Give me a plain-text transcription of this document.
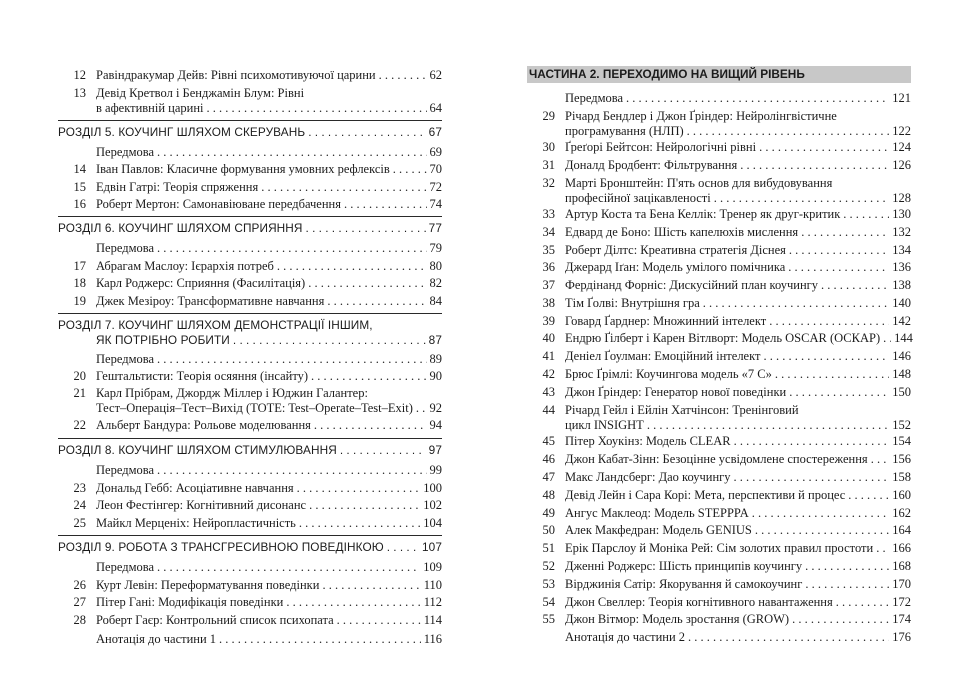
12 Равіндракумар Дейв: Рівні психомотивуючої царини . . .	62
13 Девід Кретвол і Бенджамін Блум: Рівні
в афективній царині . . .	64
РОЗДІЛ 5. КОУЧИНГ ШЛЯХОМ СКЕРУВАНЬ . . .	67
Передмова . . .	69
14 Іван Павлов: Класичне формування умовних рефлексів . . .	70
15 Едвін Гатрі: Теорія спряження . . .	72
16 Роберт Мертон: Самонавіюване передбачення . . .	74
РОЗДІЛ 6. КОУЧИНГ ШЛЯХОМ СПРИЯННЯ . . .	77
Передмова . . .	79
17 Абрагам Маслоу: Ієрархія потреб . . .	80
18 Карл Роджерс: Сприяння (Фасилітація) . . .	82
19 Джек Мезіроу: Трансформативне навчання . . .	84
РОЗДІЛ 7. КОУЧИНГ ШЛЯХОМ ДЕМОНСТРАЦІЇ ІНШИМ,
ЯК ПОТРІБНО РОБИТИ . . .	87
Передмова . . .	89
20 Гештальтисти: Теорія осяяння (інсайту) . . .	90
21 Карл Прібрам, Джордж Міллер і Юджин Галантер:
Тест–Операція–Тест–Вихід (TOTE: Test–Operate–Test–Exit) . . . 92
22 Альберт Бандура: Рольове моделювання . . .	94
РОЗДІЛ 8. КОУЧИНГ ШЛЯХОМ СТИМУЛЮВАННЯ . . .	97
Передмова . . .	99
23 Дональд Гебб: Асоціативне навчання . . .	100
24 Леон Фестінгер: Когнітивний дисонанс . . .	102
25 Майкл Мерценіх: Нейропластичність . . .	104
РОЗДІЛ 9. РОБОТА З ТРАНСГРЕСИВНОЮ ПОВЕДІНКОЮ . . .	107
Передмова . . .	109
26 Курт Левін: Переформатування поведінки . . .	110
27 Пітер Гані: Модифікація поведінки . . .	112
28 Роберт Гаєр: Контрольний список психопата . . .	114
Анотація до частини 1 . . .	116
ЧАСТИНА 2. ПЕРЕХОДИМО НА ВИЩИЙ РІВЕНЬ
Передмова . . .	121
29 Річард Бендлер і Джон Ґріндер: Нейролінгвістичне
програмування (НЛП) . . .	122
30 Ґреґорі Бейтсон: Нейрологічні рівні . . .	124
31 Доналд Бродбент: Фільтрування . . .	126
32 Марті Бронштейн: П'ять основ для вибудовування
професійної зацікавленості . . .	128
33 Артур Коста та Бена Келлік: Тренер як друг-критик . . .	130
34 Едвард де Боно: Шість капелюхів мислення . . .	132
35 Роберт Ділтс: Креативна стратегія Діснея . . .	134
36 Джерард Іґан: Модель умілого помічника . . .	136
37 Фердінанд Форніс: Дискусійний план коучингу . . .	138
38 Тім Ґолві: Внутрішня гра . . .	140
39 Говард Ґарднер: Множинний інтелект . . .	142
40 Ендрю Ґілберт і Карен Вітлворт: Модель OSCAR (ОСКАР) . . . 144
41 Деніел Ґоулман: Емоційний інтелект . . .	146
42 Брюс Ґрімлі: Коучингова модель «7 С» . . .	148
43 Джон Ґріндер: Генератор нової поведінки . . .	150
44 Річард Гейл і Ейлін Хатчінсон: Тренінговий
цикл INSIGHT . . .	152
45 Пітер Хоукінз: Модель CLEAR . . .	154
46 Джон Кабат-Зінн: Безоцінне усвідомлене спостереження . . . 156
47 Макс Ландсберг: Дао коучингу . . .	158
48 Девід Лейн і Сара Корі: Мета, перспективи й процес . . .	160
49 Ангус Маклеод: Модель STEPPPA . . .	162
50 Алек Макфедран: Модель GENIUS . . .	164
51 Ерік Парслоу й Моніка Рей: Сім золотих правил простоти . . . 166
52 Дженні Роджерс: Шість принципів коучингу . . .	168
53 Вірджинія Сатір: Якорування й самокоучинг . . .	170
54 Джон Свеллер: Теорія когнітивного навантаження . . .	172
55 Джон Вітмор: Модель зростання (GROW) . . .	174
Анотація до частини 2 . . .	176
